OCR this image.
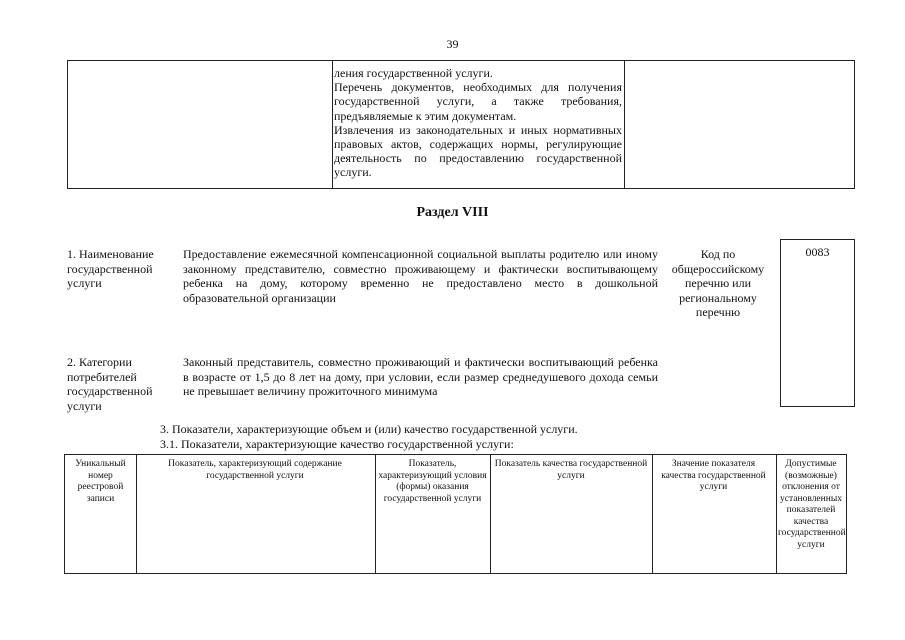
39

ления государственной услуги.

Перечень документов, необходимых для получения государственной услуги, а также требования, предъявляемые к этим документам.

Извлечения из законодательных и иных нормативных правовых актов, содержащих нормы, регулирующие деятельность по предоставлению государственной услуги.

Раздел VIII
1. Наименование государственной услуги
Предоставление ежемесячной компенсационной социальной выплаты родителю или иному законному представителю, совместно проживающему и фактически воспитывающему ребенка на дому, которому временно не предоставлено место в дошкольной образовательной организации
Код по общероссийскому перечню или региональному перечню
0083
2. Категории потребителей государственной услуги
Законный представитель, совместно проживающий и фактически воспитывающий ребенка в возрасте от 1,5 до 8 лет на дому, при условии, если размер среднедушевого дохода семьи не превышает величину прожиточного минимума
3. Показатели, характеризующие объем и (или) качество государственной услуги.
3.1. Показатели, характеризующие качество государственной услуги:
Уникальный номер реестровой записи
Показатель, характеризующий содержание государственной услуги
Показатель, характеризующий условия (формы) оказания государственной услуги
Показатель качества государственной услуги
Значение показателя качества государственной услуги
Допустимые (возможные) отклонения от установленных показателей качества государственной услуги
